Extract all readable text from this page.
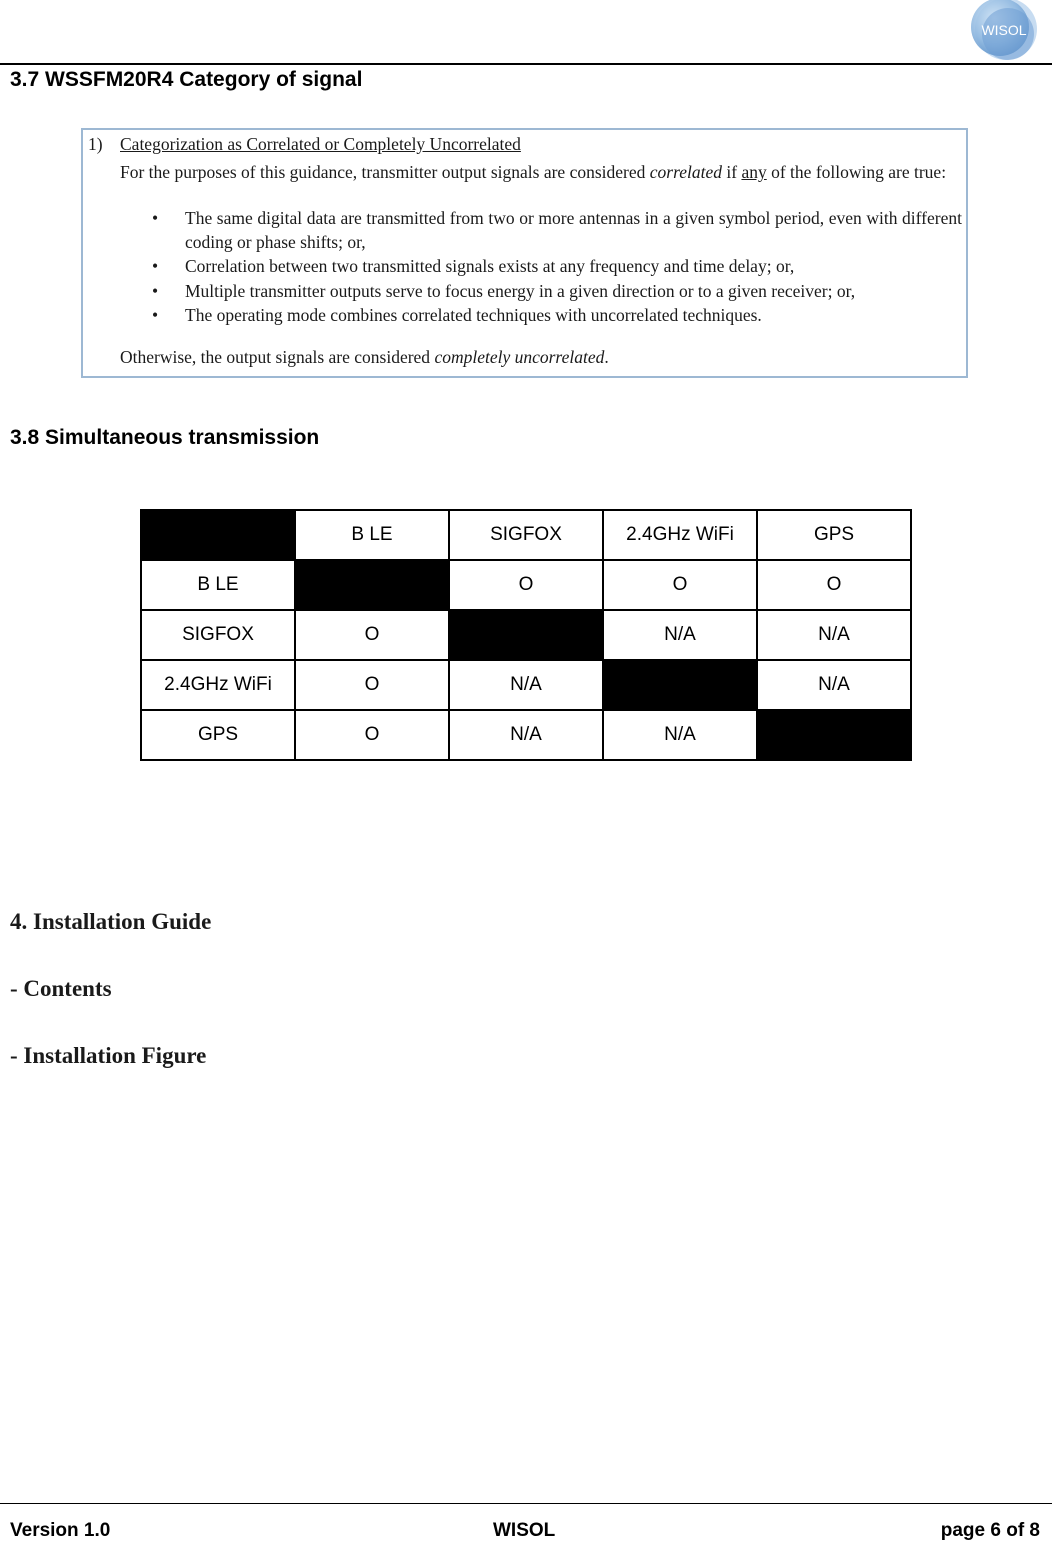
WISOL
3.7 WSSFM20R4 Category of signal
1) Categorization as Correlated or Completely Uncorrelated
For the purposes of this guidance, transmitter output signals are considered correlated if any of the following are true:
• The same digital data are transmitted from two or more antennas in a given symbol period, even with different coding or phase shifts; or,
• Correlation between two transmitted signals exists at any frequency and time delay; or,
• Multiple transmitter outputs serve to focus energy in a given direction or to a given receiver; or,
• The operating mode combines correlated techniques with uncorrelated techniques.
Otherwise, the output signals are considered completely uncorrelated.
3.8 Simultaneous transmission
	B LE	SIGFOX	2.4GHz WiFi	GPS
B LE		O	O	O
SIGFOX	O		N/A	N/A
2.4GHz WiFi	O	N/A		N/A
GPS	O	N/A	N/A	
4. Installation Guide
- Contents
- Installation Figure
Version 1.0	WISOL	page 6 of 8
